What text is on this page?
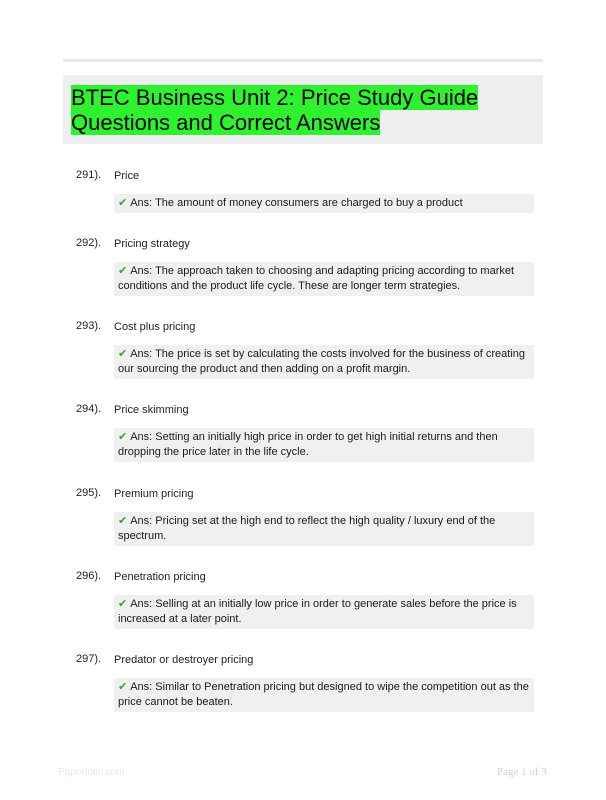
BTEC Business Unit 2: Price Study Guide
Questions and Correct Answers
291). Price
✔ Ans: The amount of money consumers are charged to buy a product
292). Pricing strategy
✔ Ans: The approach taken to choosing and adapting pricing according to market conditions and the product life cycle. These are longer term strategies.
293). Cost plus pricing
✔ Ans: The price is set by calculating the costs involved for the business of creating our sourcing the product and then adding on a profit margin.
294). Price skimming
✔ Ans: Setting an initially high price in order to get high initial returns and then dropping the price later in the life cycle.
295). Premium pricing
✔ Ans: Pricing set at the high end to reflect the high quality / luxury end of the spectrum.
296). Penetration pricing
✔ Ans: Selling at an initially low price in order to generate sales before the price is increased at a later point.
297). Predator or destroyer pricing
✔ Ans: Similar to Penetration pricing but designed to wipe the competition out as the price cannot be beaten.
Paperfolio.com	Page 1 of 3
